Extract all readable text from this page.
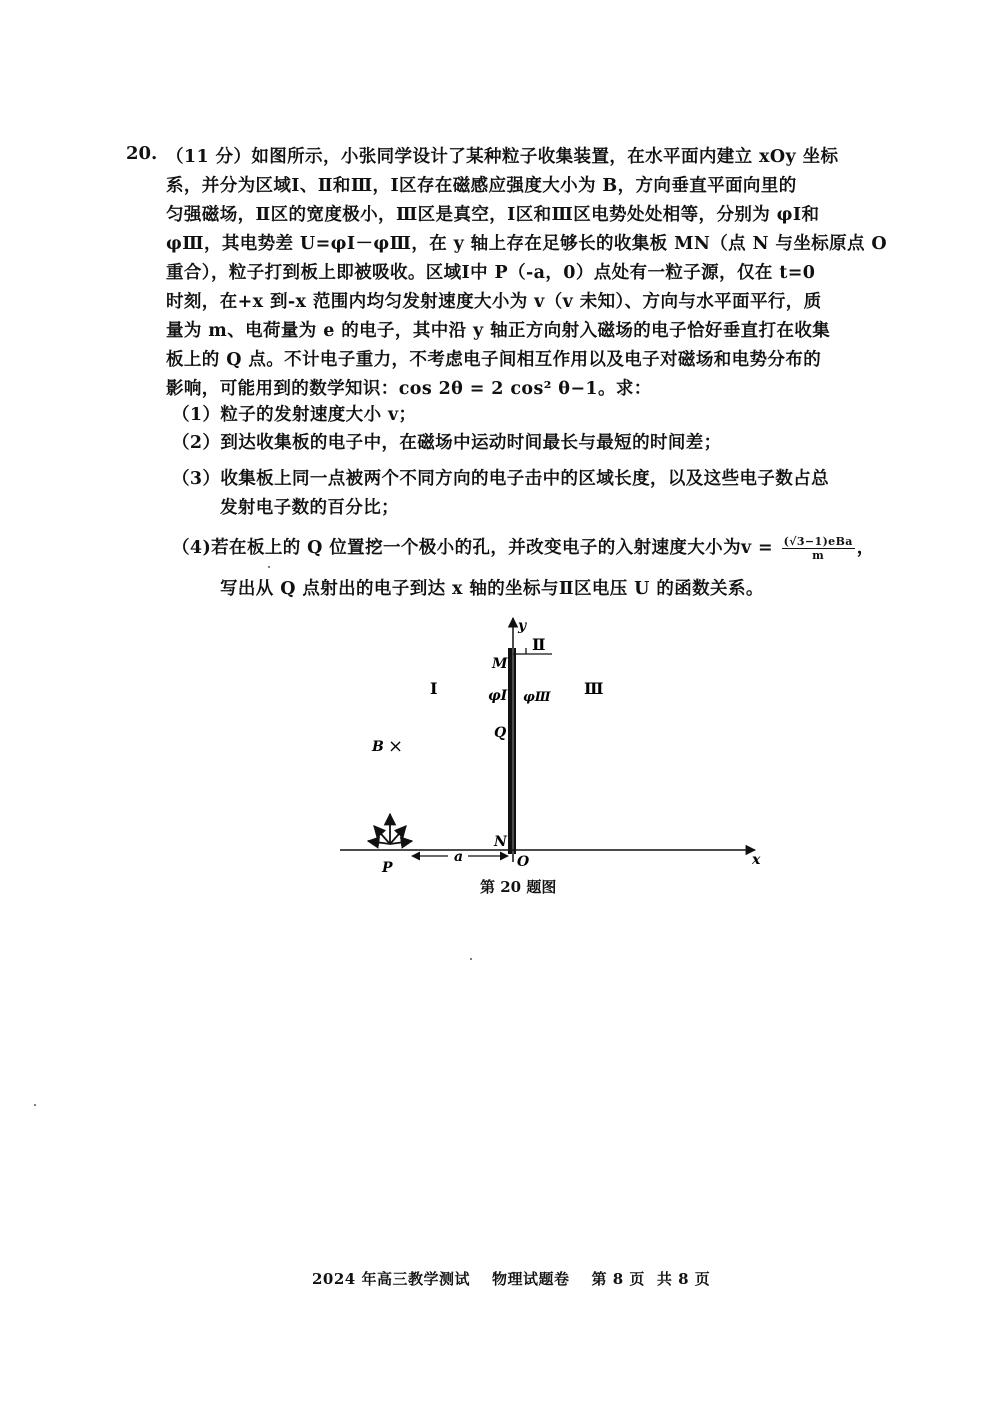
20. （11 分）如图所示，小张同学设计了某种粒子收集装置，在水平面内建立 xOy 坐标
系，并分为区域Ⅰ、Ⅱ和Ⅲ，Ⅰ区存在磁感应强度大小为 B，方向垂直平面向里的
匀强磁场，Ⅱ区的宽度极小，Ⅲ区是真空，Ⅰ区和Ⅲ区电势处处相等，分别为 φⅠ和
φⅢ，其电势差 U=φⅠ－φⅢ，在 y 轴上存在足够长的收集板 MN（点 N 与坐标原点 O
重合），粒子打到板上即被吸收。区域Ⅰ中 P（-a，0）点处有一粒子源，仅在 t=0
时刻，在+x 到-x 范围内均匀发射速度大小为 v（v 未知）、方向与水平面平行，质
量为 m、电荷量为 e 的电子，其中沿 y 轴正方向射入磁场的电子恰好垂直打在收集
板上的 Q 点。不计电子重力，不考虑电子间相互作用以及电子对磁场和电势分布的
影响，可能用到的数学知识：cos 2θ = 2 cos² θ−1。求：
（1）粒子的发射速度大小 v；
（2）到达收集板的电子中，在磁场中运动时间最长与最短的时间差；
（3）收集板上同一点被两个不同方向的电子击中的区域长度，以及这些电子数占总
发射电子数的百分比；
（4)若在板上的 Q 位置挖一个极小的孔，并改变电子的入射速度大小为$v = \frac{\text{(√3−1)eBa}}{m}$ ，
写出从 Q 点射出的电子到达 x 轴的坐标与Ⅱ区电压 U 的函数关系。
y
x
M
N
O
Q
P
a
B ×
Ⅰ
Ⅱ
Ⅲ
φⅠ φⅢ
第 20 题图
2024 年高三教学测试 物理试题卷 第 8 页 共 8 页
